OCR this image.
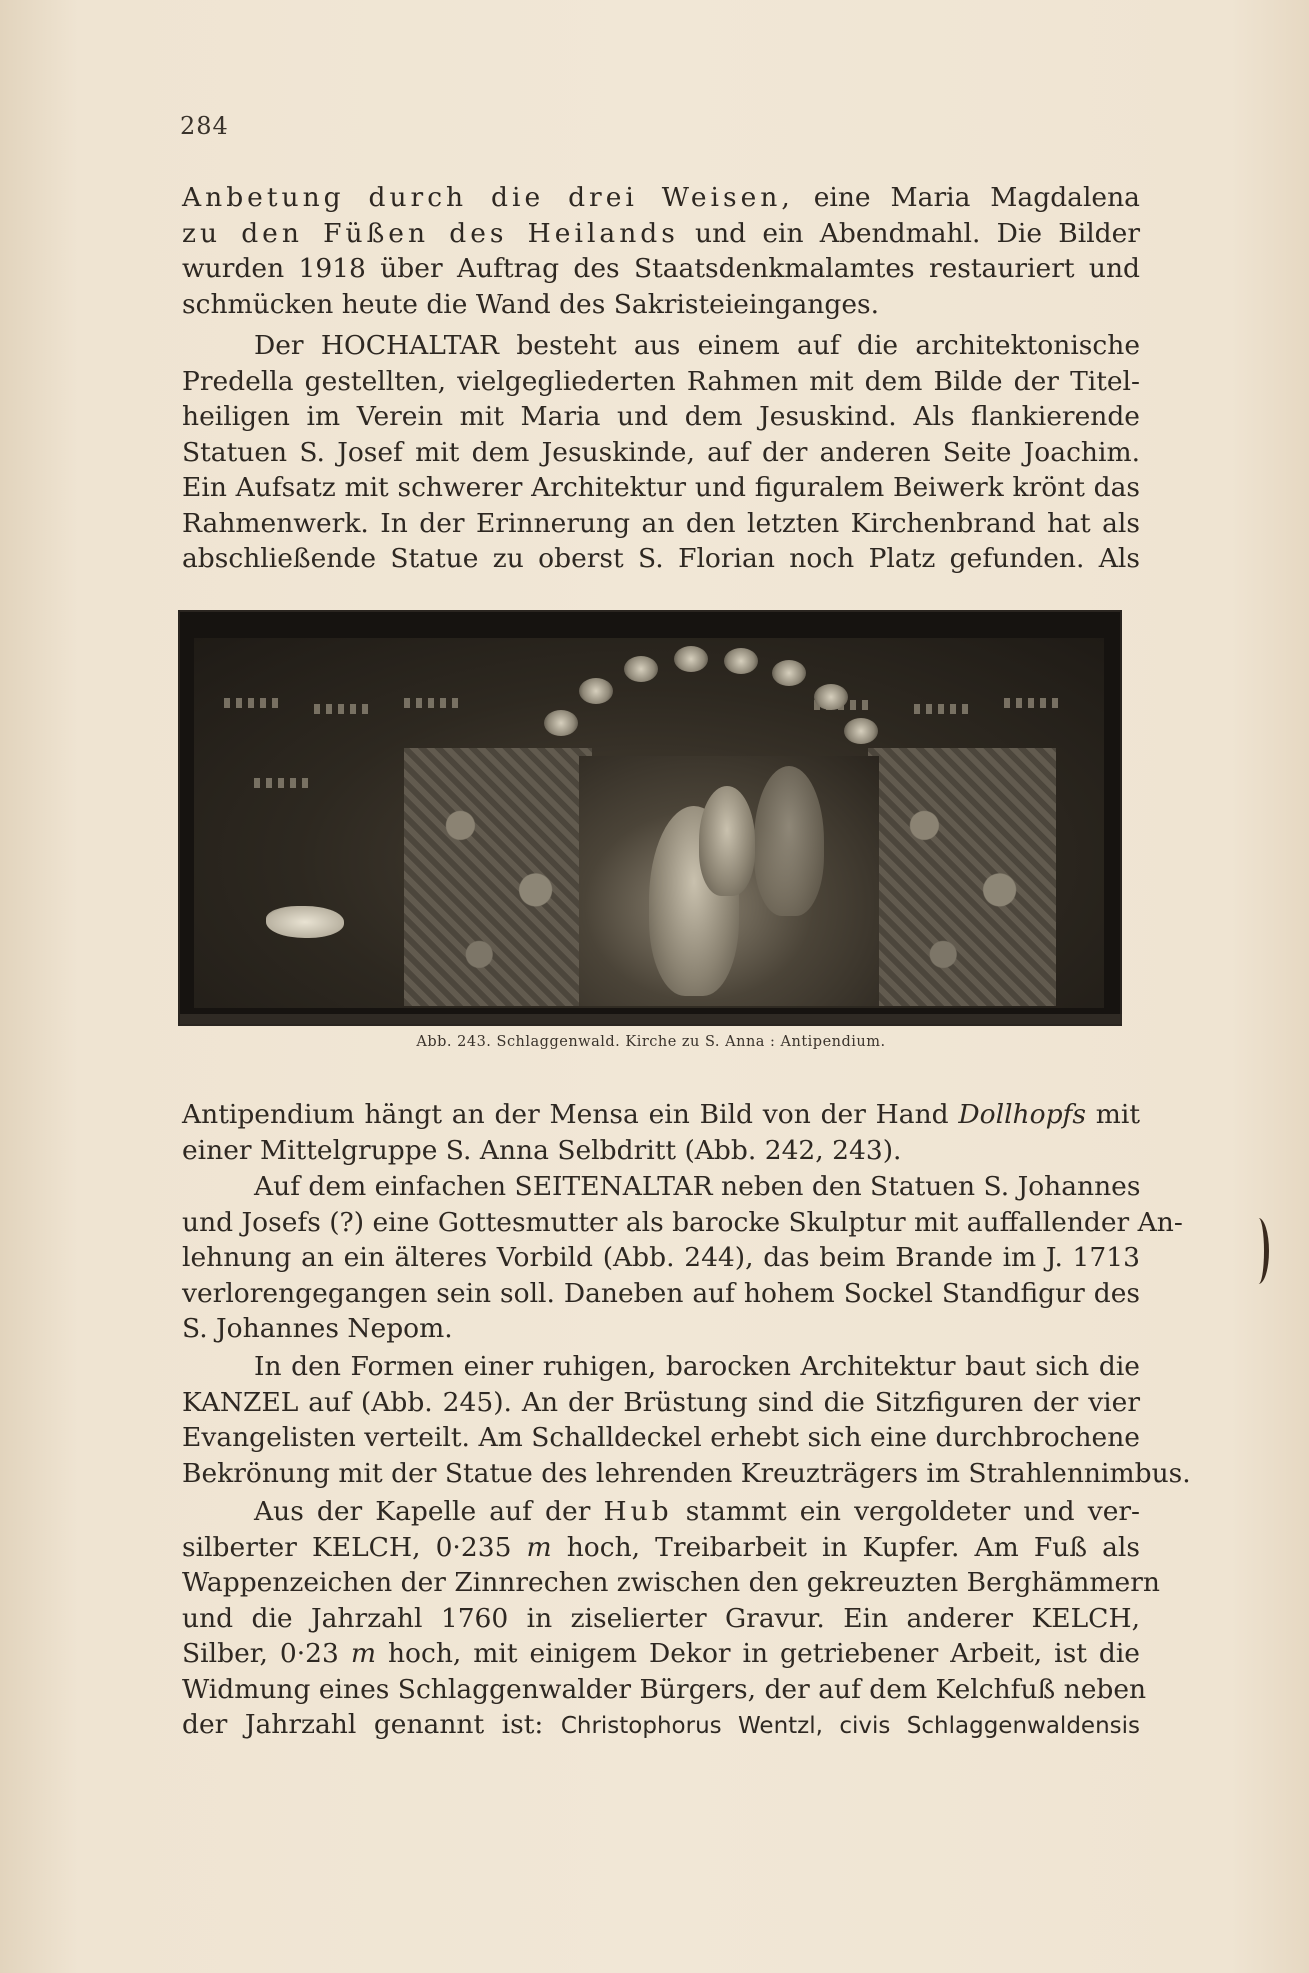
284
Anbetung durch die drei Weisen, eine Maria Magdalena
zu den Füßen des Heilands und ein Abendmahl. Die Bilder
wurden 1918 über Auftrag des Staatsdenkmalamtes restauriert und
schmücken heute die Wand des Sakristeieinganges.
Der HOCHALTAR besteht aus einem auf die architektonische
Predella gestellten, vielgegliederten Rahmen mit dem Bilde der Titel-
heiligen im Verein mit Maria und dem Jesuskind. Als flankierende
Statuen S. Josef mit dem Jesuskinde, auf der anderen Seite Joachim.
Ein Aufsatz mit schwerer Architektur und figuralem Beiwerk krönt das
Rahmenwerk. In der Erinnerung an den letzten Kirchenbrand hat als
abschließende Statue zu oberst S. Florian noch Platz gefunden. Als
Abb. 243. Schlaggenwald. Kirche zu S. Anna : Antipendium.
Antipendium hängt an der Mensa ein Bild von der Hand Dollhopfs mit
einer Mittelgruppe S. Anna Selbdritt (Abb. 242, 243).
Auf dem einfachen SEITENALTAR neben den Statuen S. Johannes
und Josefs (?) eine Gottesmutter als barocke Skulptur mit auffallender An-
lehnung an ein älteres Vorbild (Abb. 244), das beim Brande im J. 1713
verlorengegangen sein soll. Daneben auf hohem Sockel Standfigur des
S. Johannes Nepom.
In den Formen einer ruhigen, barocken Architektur baut sich die
KANZEL auf (Abb. 245). An der Brüstung sind die Sitzfiguren der vier
Evangelisten verteilt. Am Schalldeckel erhebt sich eine durchbrochene
Bekrönung mit der Statue des lehrenden Kreuzträgers im Strahlennimbus.
Aus der Kapelle auf der Hub stammt ein vergoldeter und ver-
silberter KELCH, 0·235 m hoch, Treibarbeit in Kupfer. Am Fuß als
Wappenzeichen der Zinnrechen zwischen den gekreuzten Berghämmern
und die Jahrzahl 1760 in ziselierter Gravur. Ein anderer KELCH,
Silber, 0·23 m hoch, mit einigem Dekor in getriebener Arbeit, ist die
Widmung eines Schlaggenwalder Bürgers, der auf dem Kelchfuß neben
der Jahrzahl genannt ist: Christophorus Wentzl, civis Schlaggenwaldensis
